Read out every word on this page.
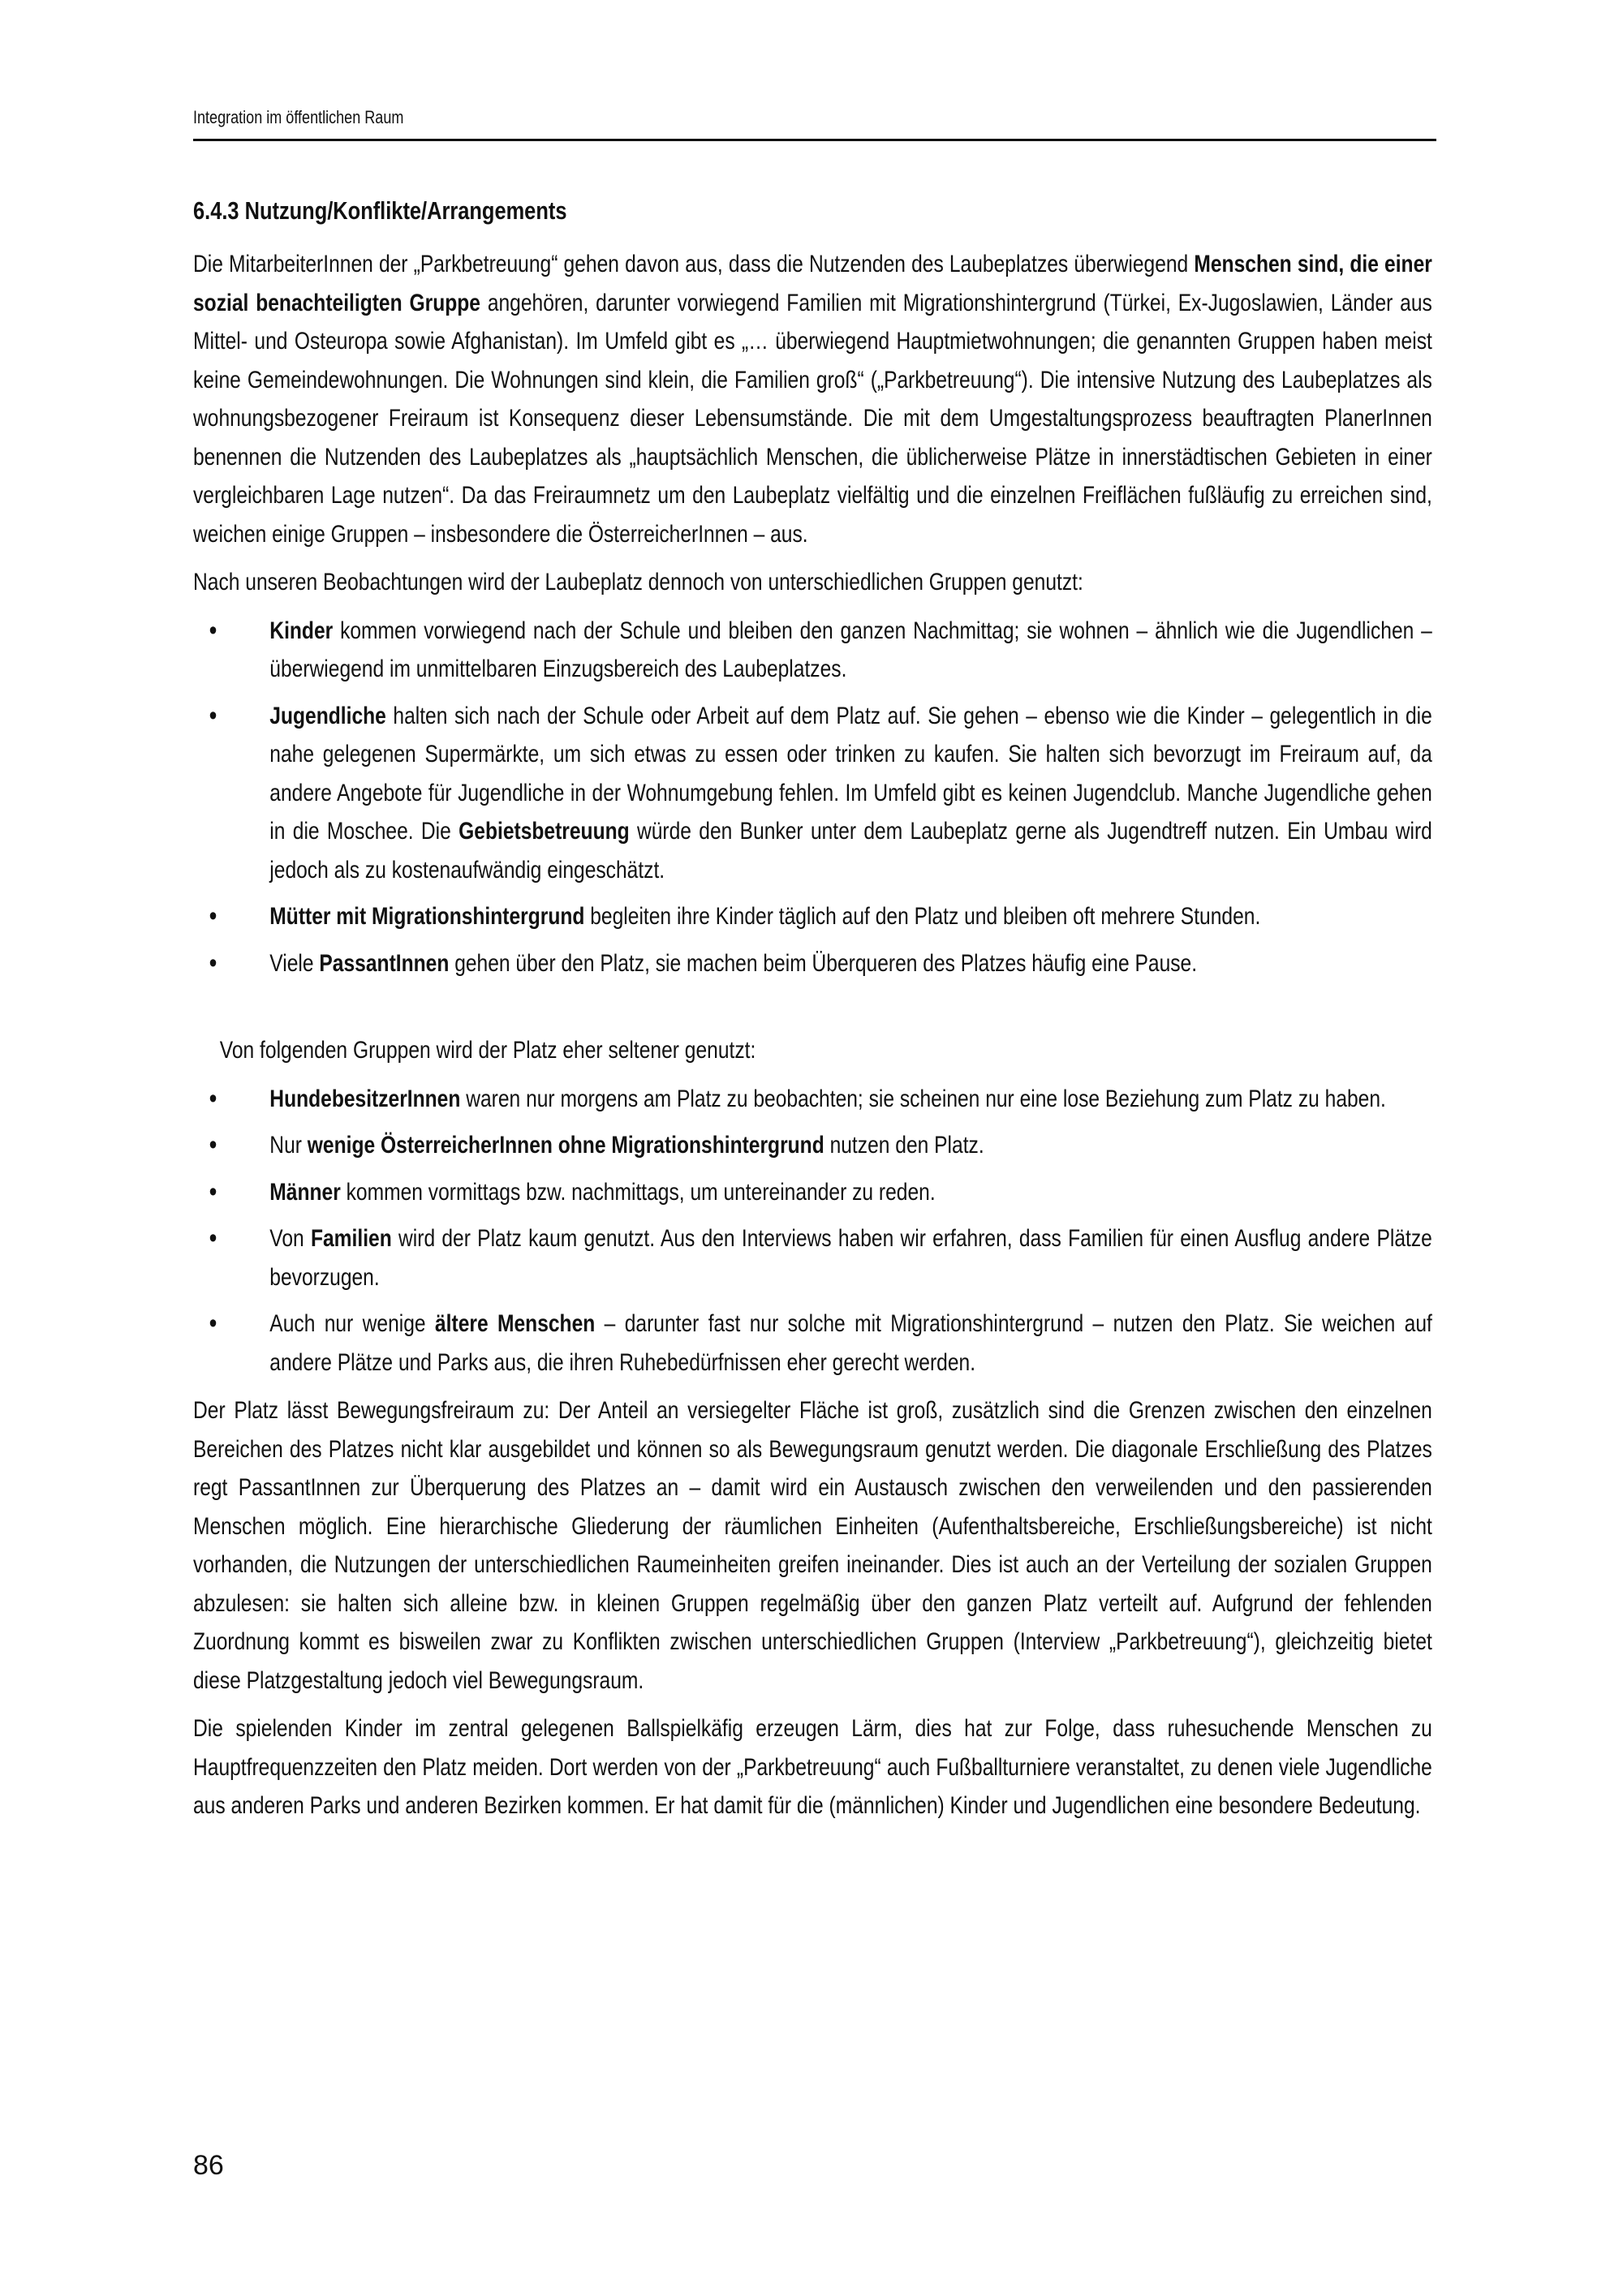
Integration im öffentlichen Raum
6.4.3 Nutzung/Konflikte/Arrangements

Die MitarbeiterInnen der „Parkbetreuung“ gehen davon aus, dass die Nutzenden des Laubeplatzes überwiegend Menschen sind, die einer sozial benachteiligten Gruppe angehören, darunter vorwiegend Familien mit Migrationshintergrund (Türkei, Ex-Jugoslawien, Länder aus Mittel- und Osteuropa sowie Afghanistan). Im Umfeld gibt es „… überwiegend Hauptmietwohnungen; die genannten Gruppen haben meist keine Gemeindewohnungen. Die Wohnungen sind klein, die Familien groß“ („Parkbetreuung“). Die intensive Nutzung des Laubeplatzes als wohnungsbezogener Freiraum ist Konsequenz dieser Lebensumstände. Die mit dem Umgestaltungsprozess beauftragten PlanerInnen benennen die Nutzenden des Laubeplatzes als „hauptsächlich Menschen, die üblicherweise Plätze in innerstädtischen Gebieten in einer vergleichbaren Lage nutzen“. Da das Freiraumnetz um den Laubeplatz vielfältig und die einzelnen Freiflächen fußläufig zu erreichen sind, weichen einige Gruppen – insbesondere die ÖsterreicherInnen – aus.

Nach unseren Beobachtungen wird der Laubeplatz dennoch von unterschiedlichen Gruppen genutzt:

• Kinder kommen vorwiegend nach der Schule und bleiben den ganzen Nachmittag; sie wohnen – ähnlich wie die Jugendlichen – überwiegend im unmittelbaren Einzugsbereich des Laubeplatzes.
• Jugendliche halten sich nach der Schule oder Arbeit auf dem Platz auf. Sie gehen – ebenso wie die Kinder – gelegentlich in die nahe gelegenen Supermärkte, um sich etwas zu essen oder trinken zu kaufen. Sie halten sich bevorzugt im Freiraum auf, da andere Angebote für Jugendliche in der Wohnumgebung fehlen. Im Umfeld gibt es keinen Jugendclub. Manche Jugendliche gehen in die Moschee. Die Gebietsbetreuung würde den Bunker unter dem Laubeplatz gerne als Jugendtreff nutzen. Ein Umbau wird jedoch als zu kostenaufwändig eingeschätzt.
• Mütter mit Migrationshintergrund begleiten ihre Kinder täglich auf den Platz und bleiben oft mehrere Stunden.
• Viele PassantInnen gehen über den Platz, sie machen beim Überqueren des Platzes häufig eine Pause.

Von folgenden Gruppen wird der Platz eher seltener genutzt:

• HundebesitzerInnen waren nur morgens am Platz zu beobachten; sie scheinen nur eine lose Beziehung zum Platz zu haben.
• Nur wenige ÖsterreicherInnen ohne Migrationshintergrund nutzen den Platz.
• Männer kommen vormittags bzw. nachmittags, um untereinander zu reden.
• Von Familien wird der Platz kaum genutzt. Aus den Interviews haben wir erfahren, dass Familien für einen Ausflug andere Plätze bevorzugen.
• Auch nur wenige ältere Menschen – darunter fast nur solche mit Migrationshintergrund – nutzen den Platz. Sie weichen auf andere Plätze und Parks aus, die ihren Ruhebedürfnissen eher gerecht werden.

Der Platz lässt Bewegungsfreiraum zu: Der Anteil an versiegelter Fläche ist groß, zusätzlich sind die Grenzen zwischen den einzelnen Bereichen des Platzes nicht klar ausgebildet und können so als Bewegungsraum genutzt werden. Die diagonale Erschließung des Platzes regt PassantInnen zur Überquerung des Platzes an – damit wird ein Austausch zwischen den verweilenden und den passierenden Menschen möglich. Eine hierarchische Gliederung der räumlichen Einheiten (Aufenthaltsbereiche, Erschließungsbereiche) ist nicht vorhanden, die Nutzungen der unterschiedlichen Raumeinheiten greifen ineinander. Dies ist auch an der Verteilung der sozialen Gruppen abzulesen: sie halten sich alleine bzw. in kleinen Gruppen regelmäßig über den ganzen Platz verteilt auf. Aufgrund der fehlenden Zuordnung kommt es bisweilen zwar zu Konflikten zwischen unterschiedlichen Gruppen (Interview „Parkbetreuung“), gleichzeitig bietet diese Platzgestaltung jedoch viel Bewegungsraum.

Die spielenden Kinder im zentral gelegenen Ballspielkäfig erzeugen Lärm, dies hat zur Folge, dass ruhesuchende Menschen zu Hauptfrequenzzeiten den Platz meiden. Dort werden von der „Parkbetreuung“ auch Fußballturniere veranstaltet, zu denen viele Jugendliche aus anderen Parks und anderen Bezirken kommen. Er hat damit für die (männlichen) Kinder und Jugendlichen eine besondere Bedeutung.

86
